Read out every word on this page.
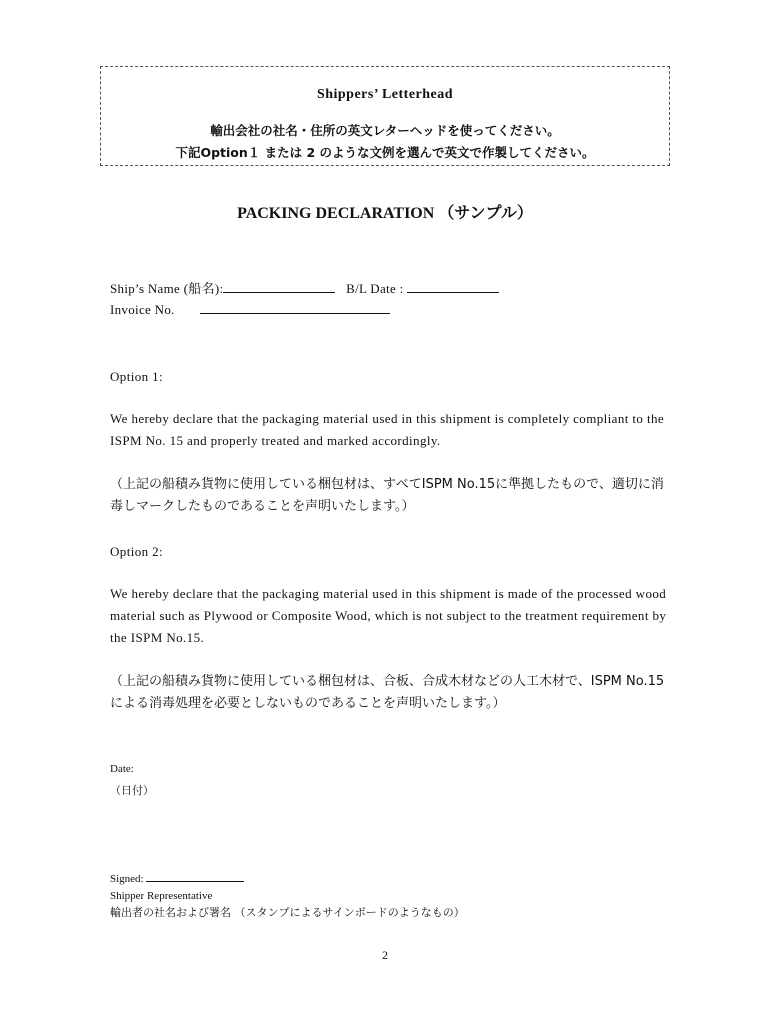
Shippers’ Letterhead
輸出会社の社名・住所の英文レターヘッドを使ってください。
下記Option１ または 2 のような文例を選んで英文で作製してください。
PACKING DECLARATION （サンプル）
Ship’s Name (船名):	B/L Date :
Invoice No.
Option 1:
We hereby declare that the packaging material used in this shipment is completely compliant to the ISPM No. 15 and properly treated and marked accordingly.
（上記の船積み貨物に使用している梱包材は、すべてISPM No.15に準拠したもので、適切に消毒しマークしたものであることを声明いたします。）
Option 2:
We hereby declare that the packaging material used in this shipment is made of the processed wood material such as Plywood or Composite Wood, which is not subject to the treatment requirement by the ISPM No.15.
（上記の船積み貨物に使用している梱包材は、合板、合成木材などの人工木材で、ISPM No.15による消毒処理を必要としないものであることを声明いたします。）
Date:
（日付）
Signed:
Shipper Representative
輸出者の社名および署名 （スタンプによるサインボードのようなもの）
2
